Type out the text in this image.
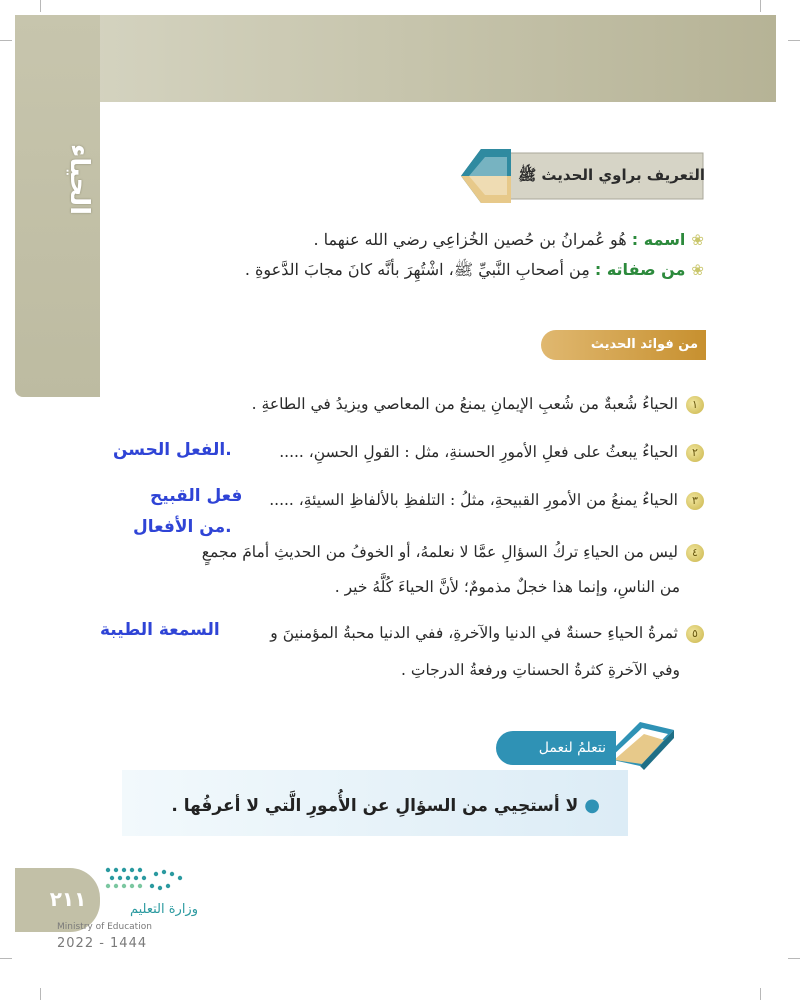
الحياء	التعريف براوي الحديث ﷺ
❀اسمه : هُو عُمرانُ بن حُصين الخُزاعِي رضي الله عنهما .
❀من صفاته : مِن أصحابِ النَّبيِّ ﷺ، اشْتُهِرَ بأنَّه كانَ مجابَ الدَّعوةِ .
من فوائد الحديث
١الحياءُ شُعبةٌ من شُعبِ الإيمانِ يمنعُ من المعاصي ويزيدُ في الطاعةِ .
٢الحياءُ يبعثُ على فعلِ الأمورِ الحسنةِ، مثل : القولِ الحسنِ، .....
٣الحياءُ يمنعُ من الأمورِ القبيحةِ، مثلُ : التلفظِ بالألفاظِ السيئةِ، .....
٤ليس من الحياءِ تركُ السؤالِ عمَّا لا نعلمهُ، أو الخوفُ من الحديثِ أمامَ مجمعٍ
من الناسِ، وإنما هذا خجلٌ مذمومٌ؛ لأنَّ الحياءَ كُلَّهُ خير .
٥ثمرةُ الحياءِ حسنةٌ في الدنيا والآخرةِ، ففي الدنيا محبةُ المؤمنينَ و
وفي الآخرةِ كثرةُ الحسناتِ ورفعةُ الدرجاتِ .
الفعل الحسن.
فعل القبيح
من الأفعال.
السمعة الطيبة
نتعلمُ لنعمل
●لا أستحِيي من السؤالِ عن الأُمورِ الَّتي لا أعرفُها .
٢١١	وزارة التعليم
Ministry of Education
2022 - 1444
